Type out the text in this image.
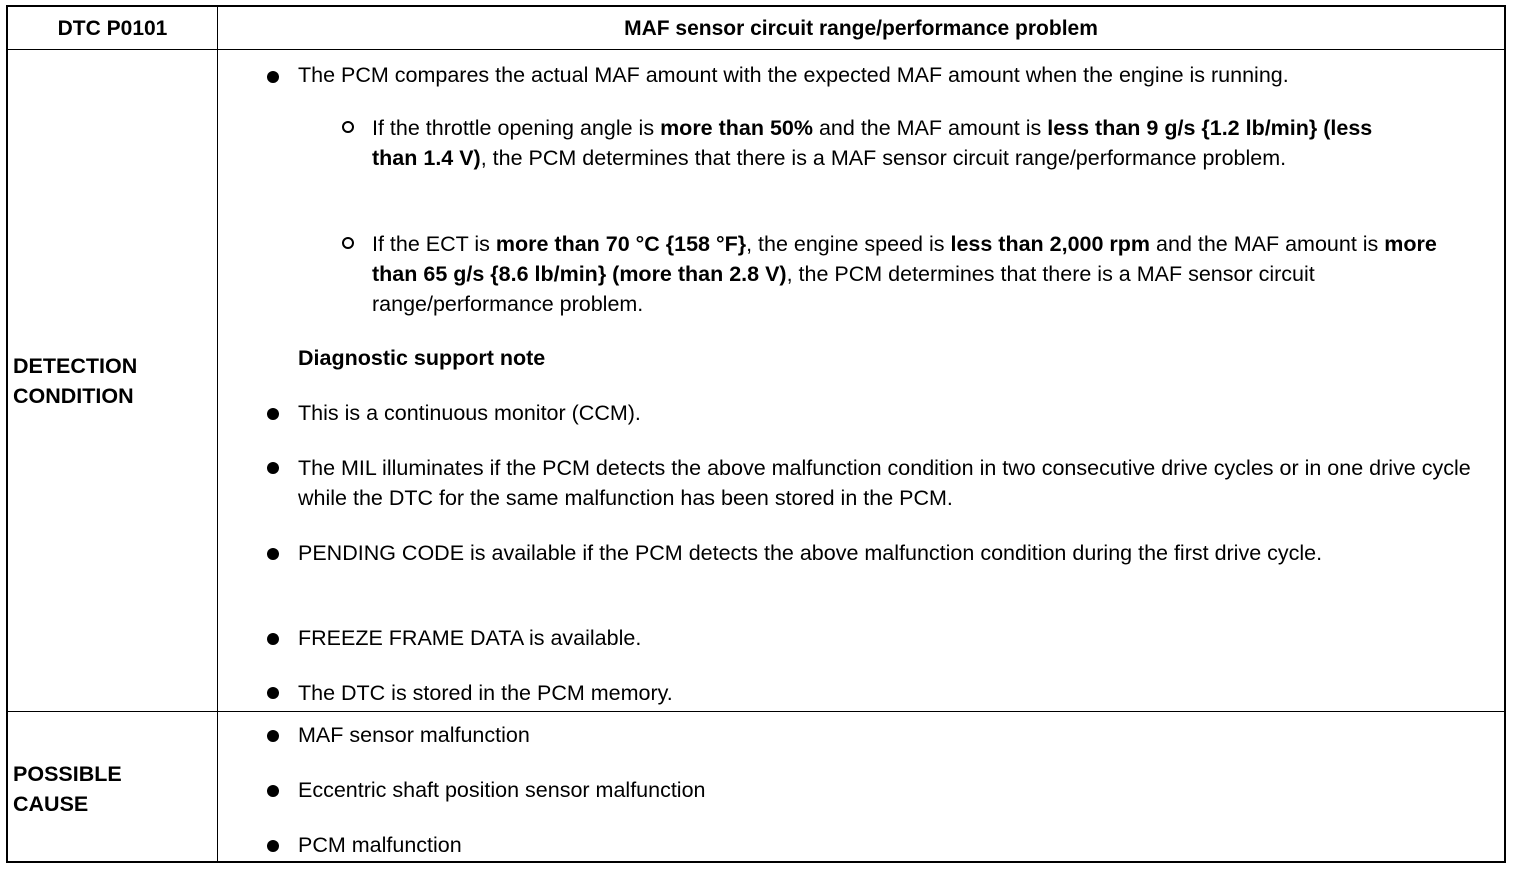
DTC P0101	MAF sensor circuit range/performance problem
DETECTION
CONDITION
The PCM compares the actual MAF amount with the expected MAF amount when the engine is running.
If the throttle opening angle is more than 50% and the MAF amount is less than 9 g/s {1.2 lb/min} (less than 1.4 V), the PCM determines that there is a MAF sensor circuit range/performance problem.
If the ECT is more than 70 °C {158 °F}, the engine speed is less than 2,000 rpm and the MAF amount is more than 65 g/s {8.6 lb/min} (more than 2.8 V), the PCM determines that there is a MAF sensor circuit range/performance problem.
Diagnostic support note
This is a continuous monitor (CCM).
The MIL illuminates if the PCM detects the above malfunction condition in two consecutive drive cycles or in one drive cycle while the DTC for the same malfunction has been stored in the PCM.
PENDING CODE is available if the PCM detects the above malfunction condition during the first drive cycle.
FREEZE FRAME DATA is available.
The DTC is stored in the PCM memory.
POSSIBLE
CAUSE
MAF sensor malfunction
Eccentric shaft position sensor malfunction
PCM malfunction
